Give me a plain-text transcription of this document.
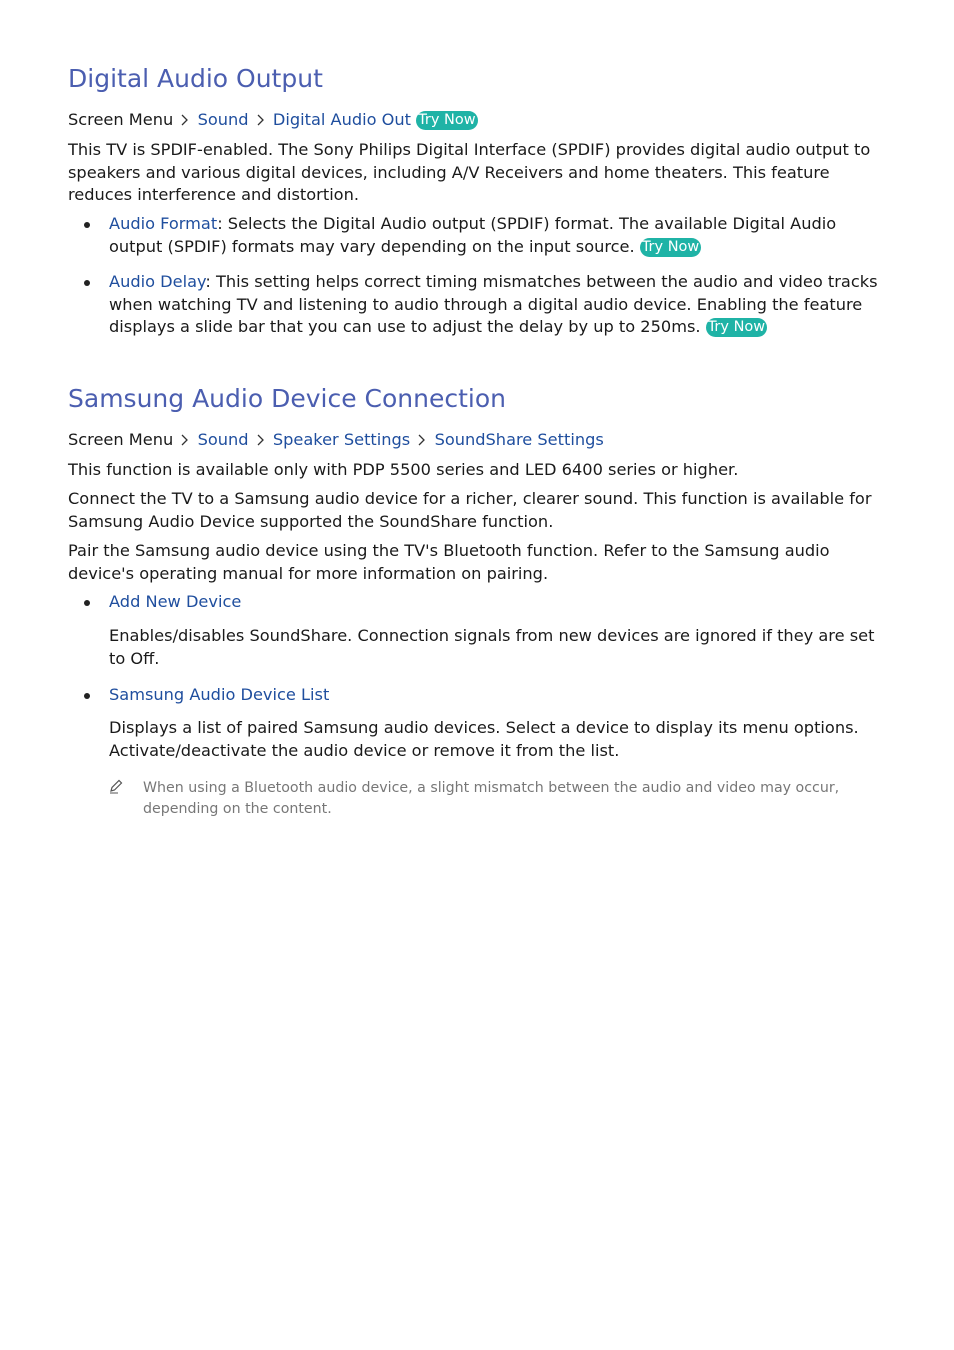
Digital Audio Output
Screen Menu Sound Digital Audio Out Try Now

This TV is SPDIF-enabled. The Sony Philips Digital Interface (SPDIF) provides digital audio output to speakers and various digital devices, including A/V Receivers and home theaters. This feature reduces interference and distortion.

Audio Format: Selects the Digital Audio output (SPDIF) format. The available Digital Audio output (SPDIF) formats may vary depending on the input source. Try Now
Audio Delay: This setting helps correct timing mismatches between the audio and video tracks when watching TV and listening to audio through a digital audio device. Enabling the feature displays a slide bar that you can use to adjust the delay by up to 250ms. Try Now
Samsung Audio Device Connection
Screen Menu Sound Speaker Settings SoundShare Settings

This function is available only with PDP 5500 series and LED 6400 series or higher.

Connect the TV to a Samsung audio device for a richer, clearer sound. This function is available for Samsung Audio Device supported the SoundShare function.

Pair the Samsung audio device using the TV's Bluetooth function. Refer to the Samsung audio device's operating manual for more information on pairing.

Add New Device

Enables/disables SoundShare. Connection signals from new devices are ignored if they are set to Off.

Samsung Audio Device List

Displays a list of paired Samsung audio devices. Select a device to display its menu options. Activate/deactivate the audio device or remove it from the list.

When using a Bluetooth audio device, a slight mismatch between the audio and video may occur, depending on the content.
